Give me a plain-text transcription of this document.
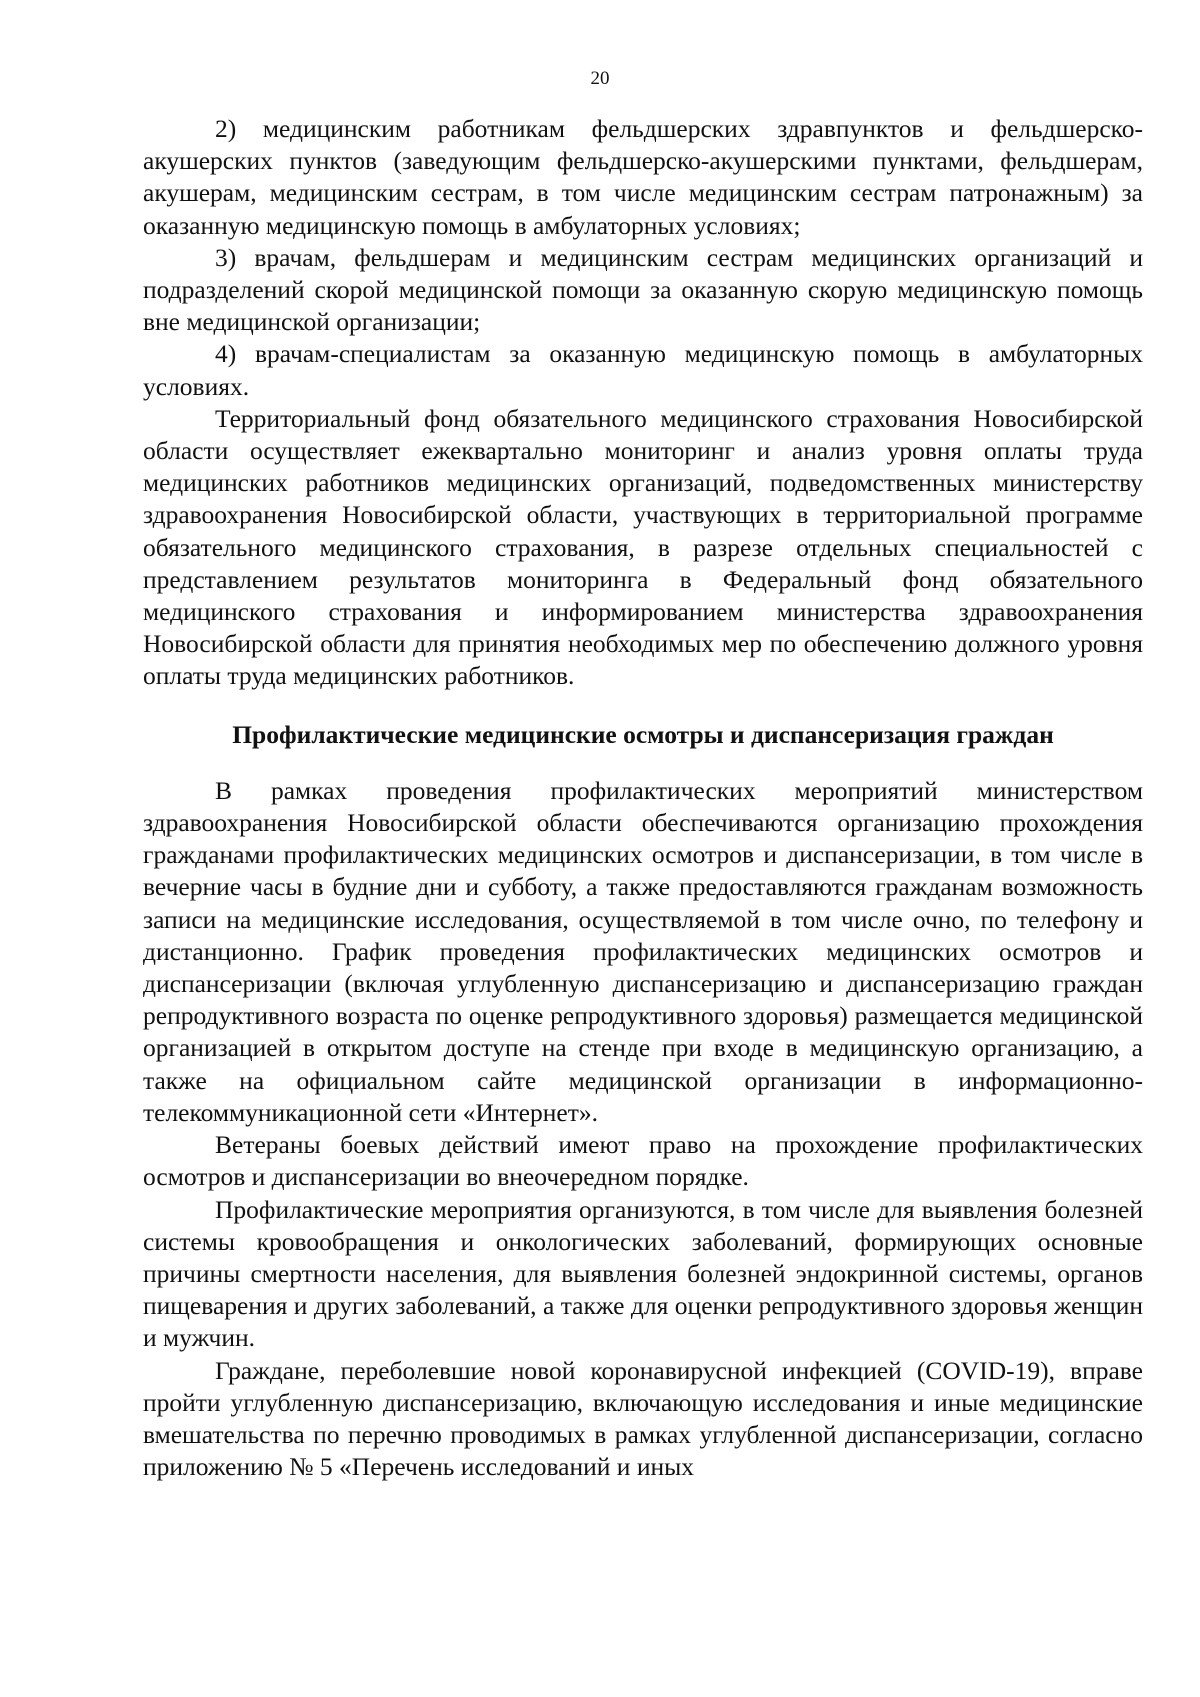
20

2) медицинским работникам фельдшерских здравпунктов и фельдшерско-акушерских пунктов (заведующим фельдшерско-акушерскими пунктами, фельдшерам, акушерам, медицинским сестрам, в том числе медицинским сестрам патронажным) за оказанную медицинскую помощь в амбулаторных условиях;

3) врачам, фельдшерам и медицинским сестрам медицинских организаций и подразделений скорой медицинской помощи за оказанную скорую медицинскую помощь вне медицинской организации;

4) врачам-специалистам за оказанную медицинскую помощь в амбулаторных условиях.

Территориальный фонд обязательного медицинского страхования Новосибирской области осуществляет ежеквартально мониторинг и анализ уровня оплаты труда медицинских работников медицинских организаций, подведомственных министерству здравоохранения Новосибирской области, участвующих в территориальной программе обязательного медицинского страхования, в разрезе отдельных специальностей с представлением результатов мониторинга в Федеральный фонд обязательного медицинского страхования и информированием министерства здравоохранения Новосибирской области для принятия необходимых мер по обеспечению должного уровня оплаты труда медицинских работников.

Профилактические медицинские осмотры и диспансеризация граждан

В рамках проведения профилактических мероприятий министерством здравоохранения Новосибирской области обеспечиваются организацию прохождения гражданами профилактических медицинских осмотров и диспансеризации, в том числе в вечерние часы в будние дни и субботу, а также предоставляются гражданам возможность записи на медицинские исследования, осуществляемой в том числе очно, по телефону и дистанционно. График проведения профилактических медицинских осмотров и диспансеризации (включая углубленную диспансеризацию и диспансеризацию граждан репродуктивного возраста по оценке репродуктивного здоровья) размещается медицинской организацией в открытом доступе на стенде при входе в медицинскую организацию, а также на официальном сайте медицинской организации в информационно-телекоммуникационной сети «Интернет».

Ветераны боевых действий имеют право на прохождение профилактических осмотров и диспансеризации во внеочередном порядке.

Профилактические мероприятия организуются, в том числе для выявления болезней системы кровообращения и онкологических заболеваний, формирующих основные причины смертности населения, для выявления болезней эндокринной системы, органов пищеварения и других заболеваний, а также для оценки репродуктивного здоровья женщин и мужчин.

Граждане, переболевшие новой коронавирусной инфекцией (COVID-19), вправе пройти углубленную диспансеризацию, включающую исследования и иные медицинские вмешательства по перечню проводимых в рамках углубленной диспансеризации, согласно приложению № 5 «Перечень исследований и иных
